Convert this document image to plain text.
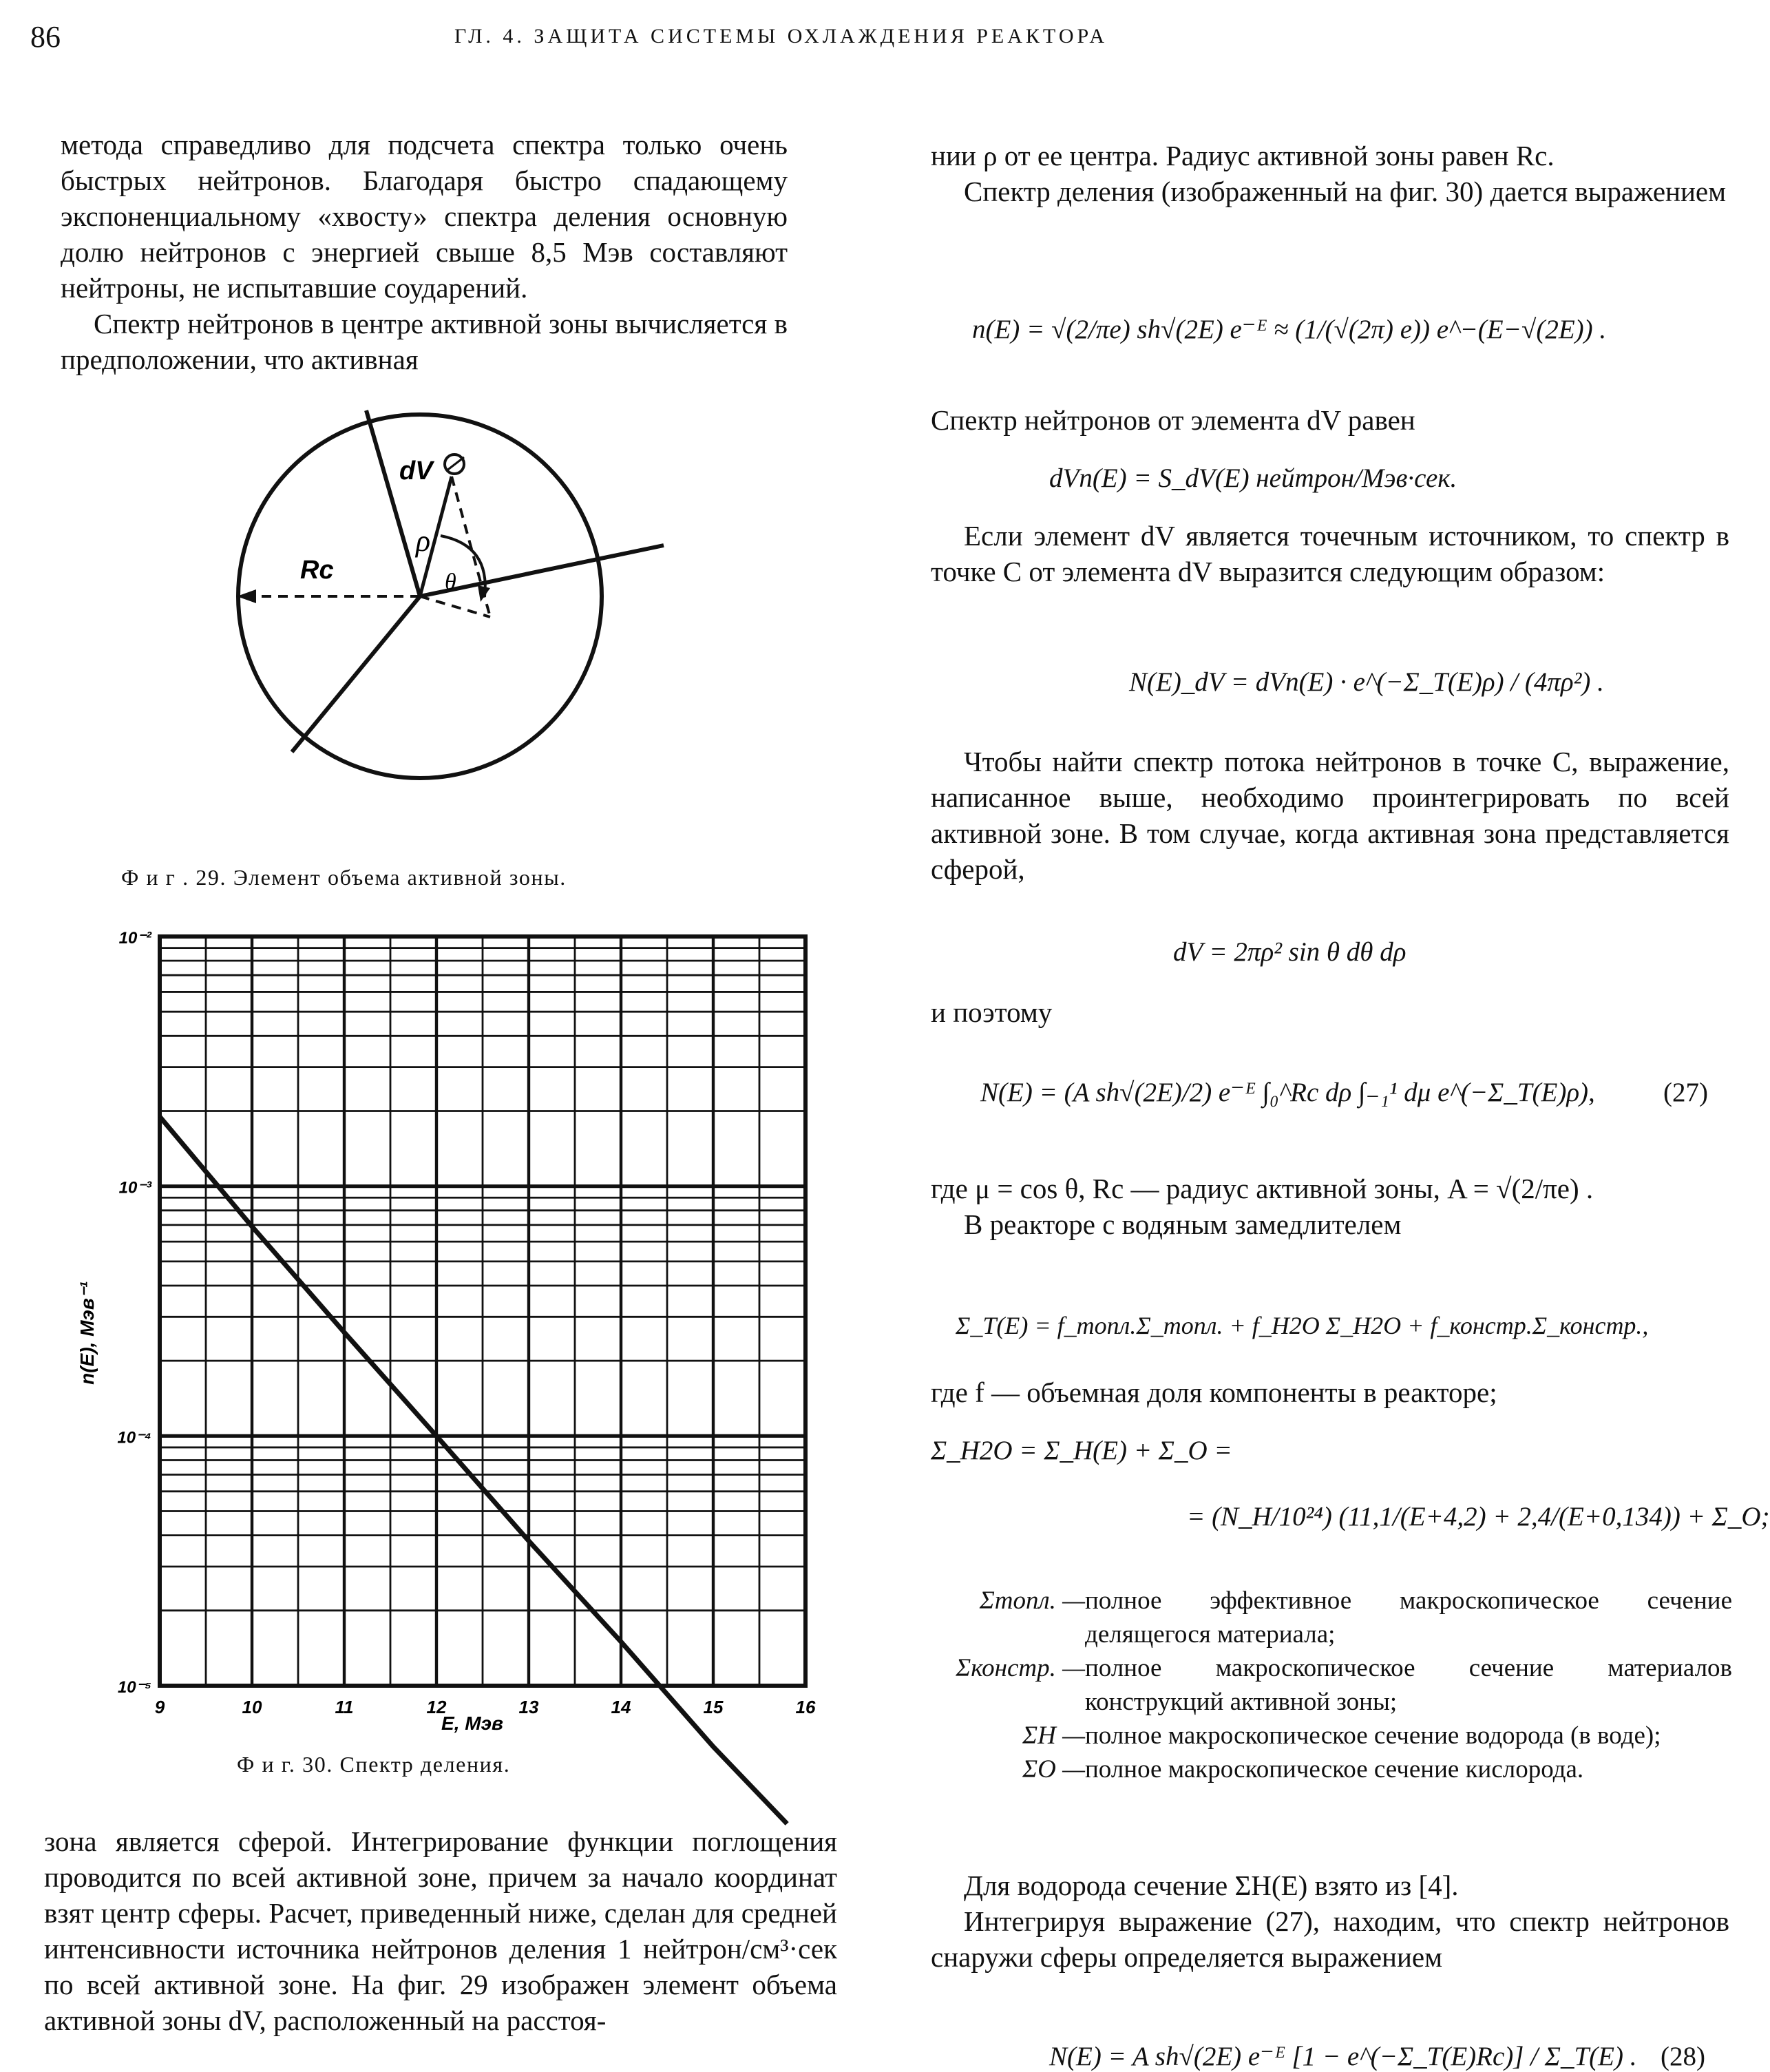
86	ГЛ. 4. ЗАЩИТА СИСТЕМЫ ОХЛАЖДЕНИЯ РЕАКТОРА

метода справедливо для подсчета спектра только очень быстрых нейтронов. Благодаря быстро спадающему экспоненциальному «хвосту» спектра деления основную долю нейтронов с энергией свыше 8,5 Мэв составляют нейтроны, не испытавшие соударений.

Спектр нейтронов в центре активной зоны вычисляется в предположении, что активная

dV
ρ
θ
Rc
Ф и г . 29. Элемент объема активной зоны.
10⁻²
10⁻³
10⁻⁴
10⁻⁵
9	10	11	12	13	14	15	16
n(E), Мэв⁻¹
E, Мэв
Ф и г. 30. Спектр деления.

зона является сферой. Интегрирование функции поглощения проводится по всей активной зоне, причем за начало координат взят центр сферы. Расчет, приведенный ниже, сделан для средней интенсивности источника нейтронов деления 1 нейтрон/см³·сек по всей активной зоне. На фиг. 29 изображен элемент объема активной зоны dV, расположенный на расстоя-

нии ρ от ее центра. Радиус активной зоны равен Rс.

Спектр деления (изображенный на фиг. 30) дается выражением

n(E) = √(2/πe) sh√(2E) e⁻ᴱ ≈ (1/(√(2π) e)) e^−(E−√(2E)) .

Спектр нейтронов от элемента dV равен

dVn(E) = S_dV(E) нейтрон/Мэв·сек.

Если элемент dV является точечным источником, то спектр в точке C от элемента dV выразится следующим образом:

N(E)_dV = dVn(E) · e^(−Σ_T(E)ρ) / (4πρ²) .

Чтобы найти спектр потока нейтронов в точке C, выражение, написанное выше, необходимо проинтегрировать по всей активной зоне. В том случае, когда активная зона представляется сферой,

dV = 2πρ² sin θ dθ dρ

и поэтому

N(E) = (A sh√(2E)/2) e⁻ᴱ ∫₀^Rc dρ ∫₋₁¹ dμ e^(−Σ_T(E)ρ),	(27)

где μ = cos θ, Rс — радиус активной зоны, A = √(2/πe) .

В реакторе с водяным замедлителем

Σ_T(E) = f_топл.Σ_топл. + f_H2O Σ_H2O + f_констр.Σ_констр.,

где f — объемная доля компоненты в реакторе;

Σ_H2O = Σ_H(E) + Σ_O =
= (N_H/10²⁴) (11,1/(E+4,2) + 2,4/(E+0,134)) + Σ_O;
Σтопл. — полное эффективное макроскопическое сечение делящегося материала;
Σконстр. — полное макроскопическое сечение материалов конструкций активной зоны;
ΣH — полное макроскопическое сечение водорода (в воде);
ΣO — полное макроскопическое сечение кислорода.

Для водорода сечение ΣH(E) взято из [4].

Интегрируя выражение (27), находим, что спектр нейтронов снаружи сферы определяется выражением

N(E) = A sh√(2E) e⁻ᴱ [1 − e^(−Σ_T(E)Rc)] / Σ_T(E) . (28)
